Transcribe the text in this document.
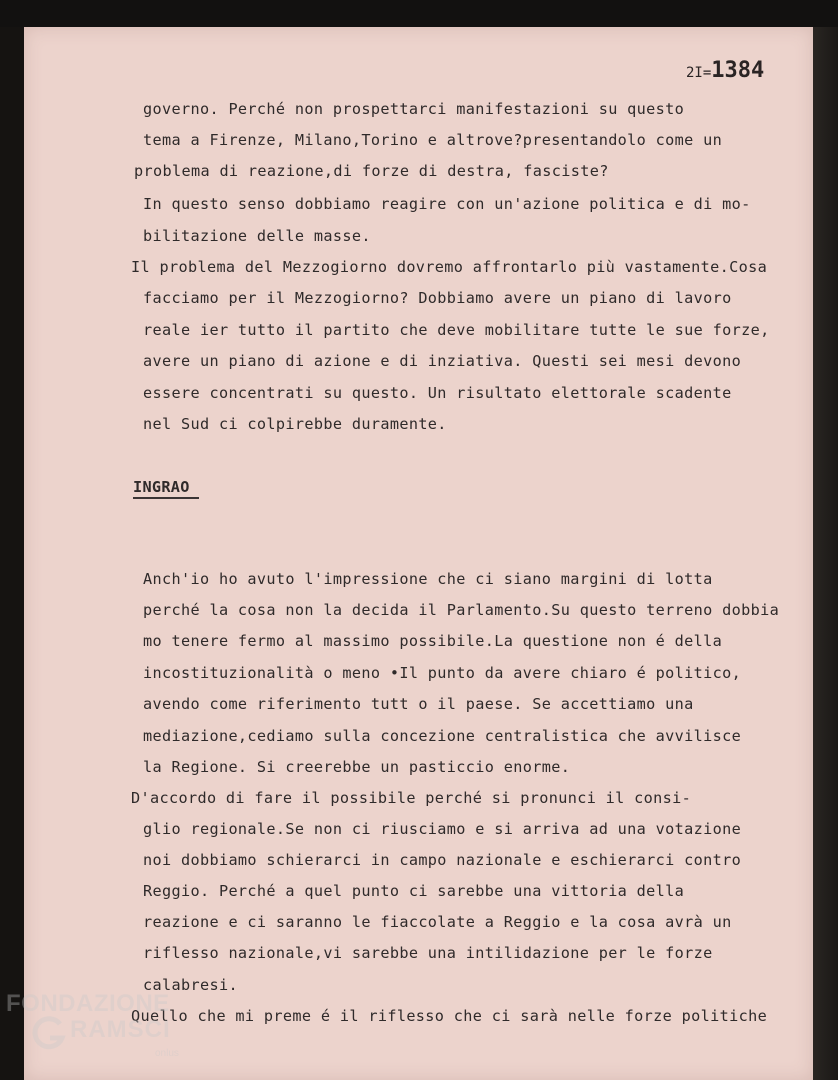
2I=1384
governo. Perché non prospettarci manifestazioni su questo
tema a Firenze, Milano,Torino e altrove?presentandolo come un
problema di reazione,di forze di destra, fasciste?
In questo senso dobbiamo reagire con un'azione politica e di mo-
bilitazione delle masse.
Il problema del Mezzogiorno dovremo affrontarlo più vastamente.Cosa
facciamo per il Mezzogiorno? Dobbiamo avere un piano di lavoro
reale ier tutto il partito che deve mobilitare tutte le sue forze,
avere un piano di azione e di inziativa. Questi sei mesi devono
essere concentrati su questo. Un risultato elettorale scadente
nel Sud ci colpirebbe duramente.
INGRAO
Anch'io ho avuto l'impressione che ci siano margini di lotta
perché la cosa non la decida il Parlamento.Su questo terreno dobbia
mo tenere fermo al massimo possibile.La questione non é della
incostituzionalità o meno •Il punto da avere chiaro é politico,
avendo come riferimento tutt o il paese. Se accettiamo una
mediazione,cediamo sulla concezione centralistica che avvilisce
la Regione. Si creerebbe un pasticcio enorme.
D'accordo di fare il possibile perché si pronunci il consi-
glio regionale.Se non ci riusciamo e si arriva ad una votazione
noi dobbiamo schierarci in campo nazionale e eschierarci contro
Reggio. Perché a quel punto ci sarebbe una vittoria della
reazione e ci saranno le fiaccolate a Reggio e la cosa avrà un
riflesso nazionale,vi sarebbe una intilidazione per le forze
calabresi.
Quello che mi preme é il riflesso che ci sarà nelle forze politiche
FONDAZIONE
RAMSCI
onlus
